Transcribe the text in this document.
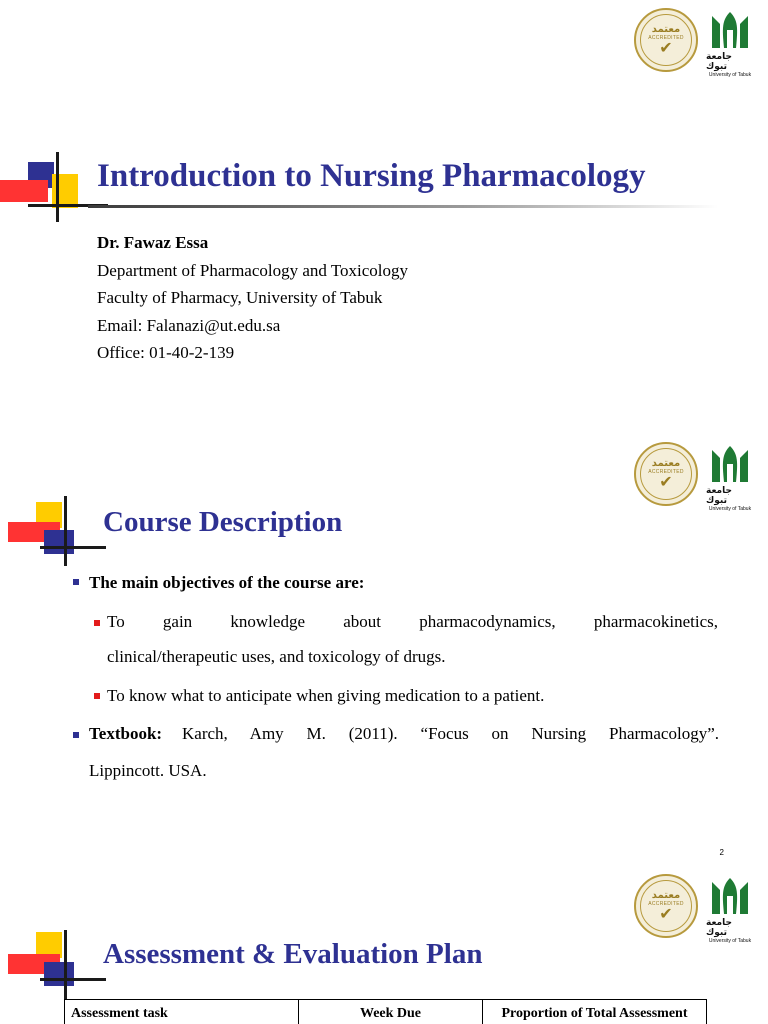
معتمد
ACCREDITED
✔
جامعة تبوك
University of Tabuk
Introduction to Nursing Pharmacology
Dr. Fawaz Essa
Department of Pharmacology and Toxicology
Faculty of Pharmacy, University of Tabuk
Email: Falanazi@ut.edu.sa
Office: 01-40-2-139
معتمد
ACCREDITED
✔
جامعة تبوك
University of Tabuk
Course Description
The main objectives of the course are:
To gain knowledge about pharmacodynamics, pharmacokinetics,
clinical/therapeutic uses, and toxicology of drugs.
To know what to anticipate when giving medication to a patient.
Textbook: Karch, Amy M. (2011). “Focus on Nursing Pharmacology”.
Lippincott. USA.
2
معتمد
ACCREDITED
✔
جامعة تبوك
University of Tabuk
Assessment & Evaluation Plan
Assessment task	Week Due	Proportion of Total Assessment
